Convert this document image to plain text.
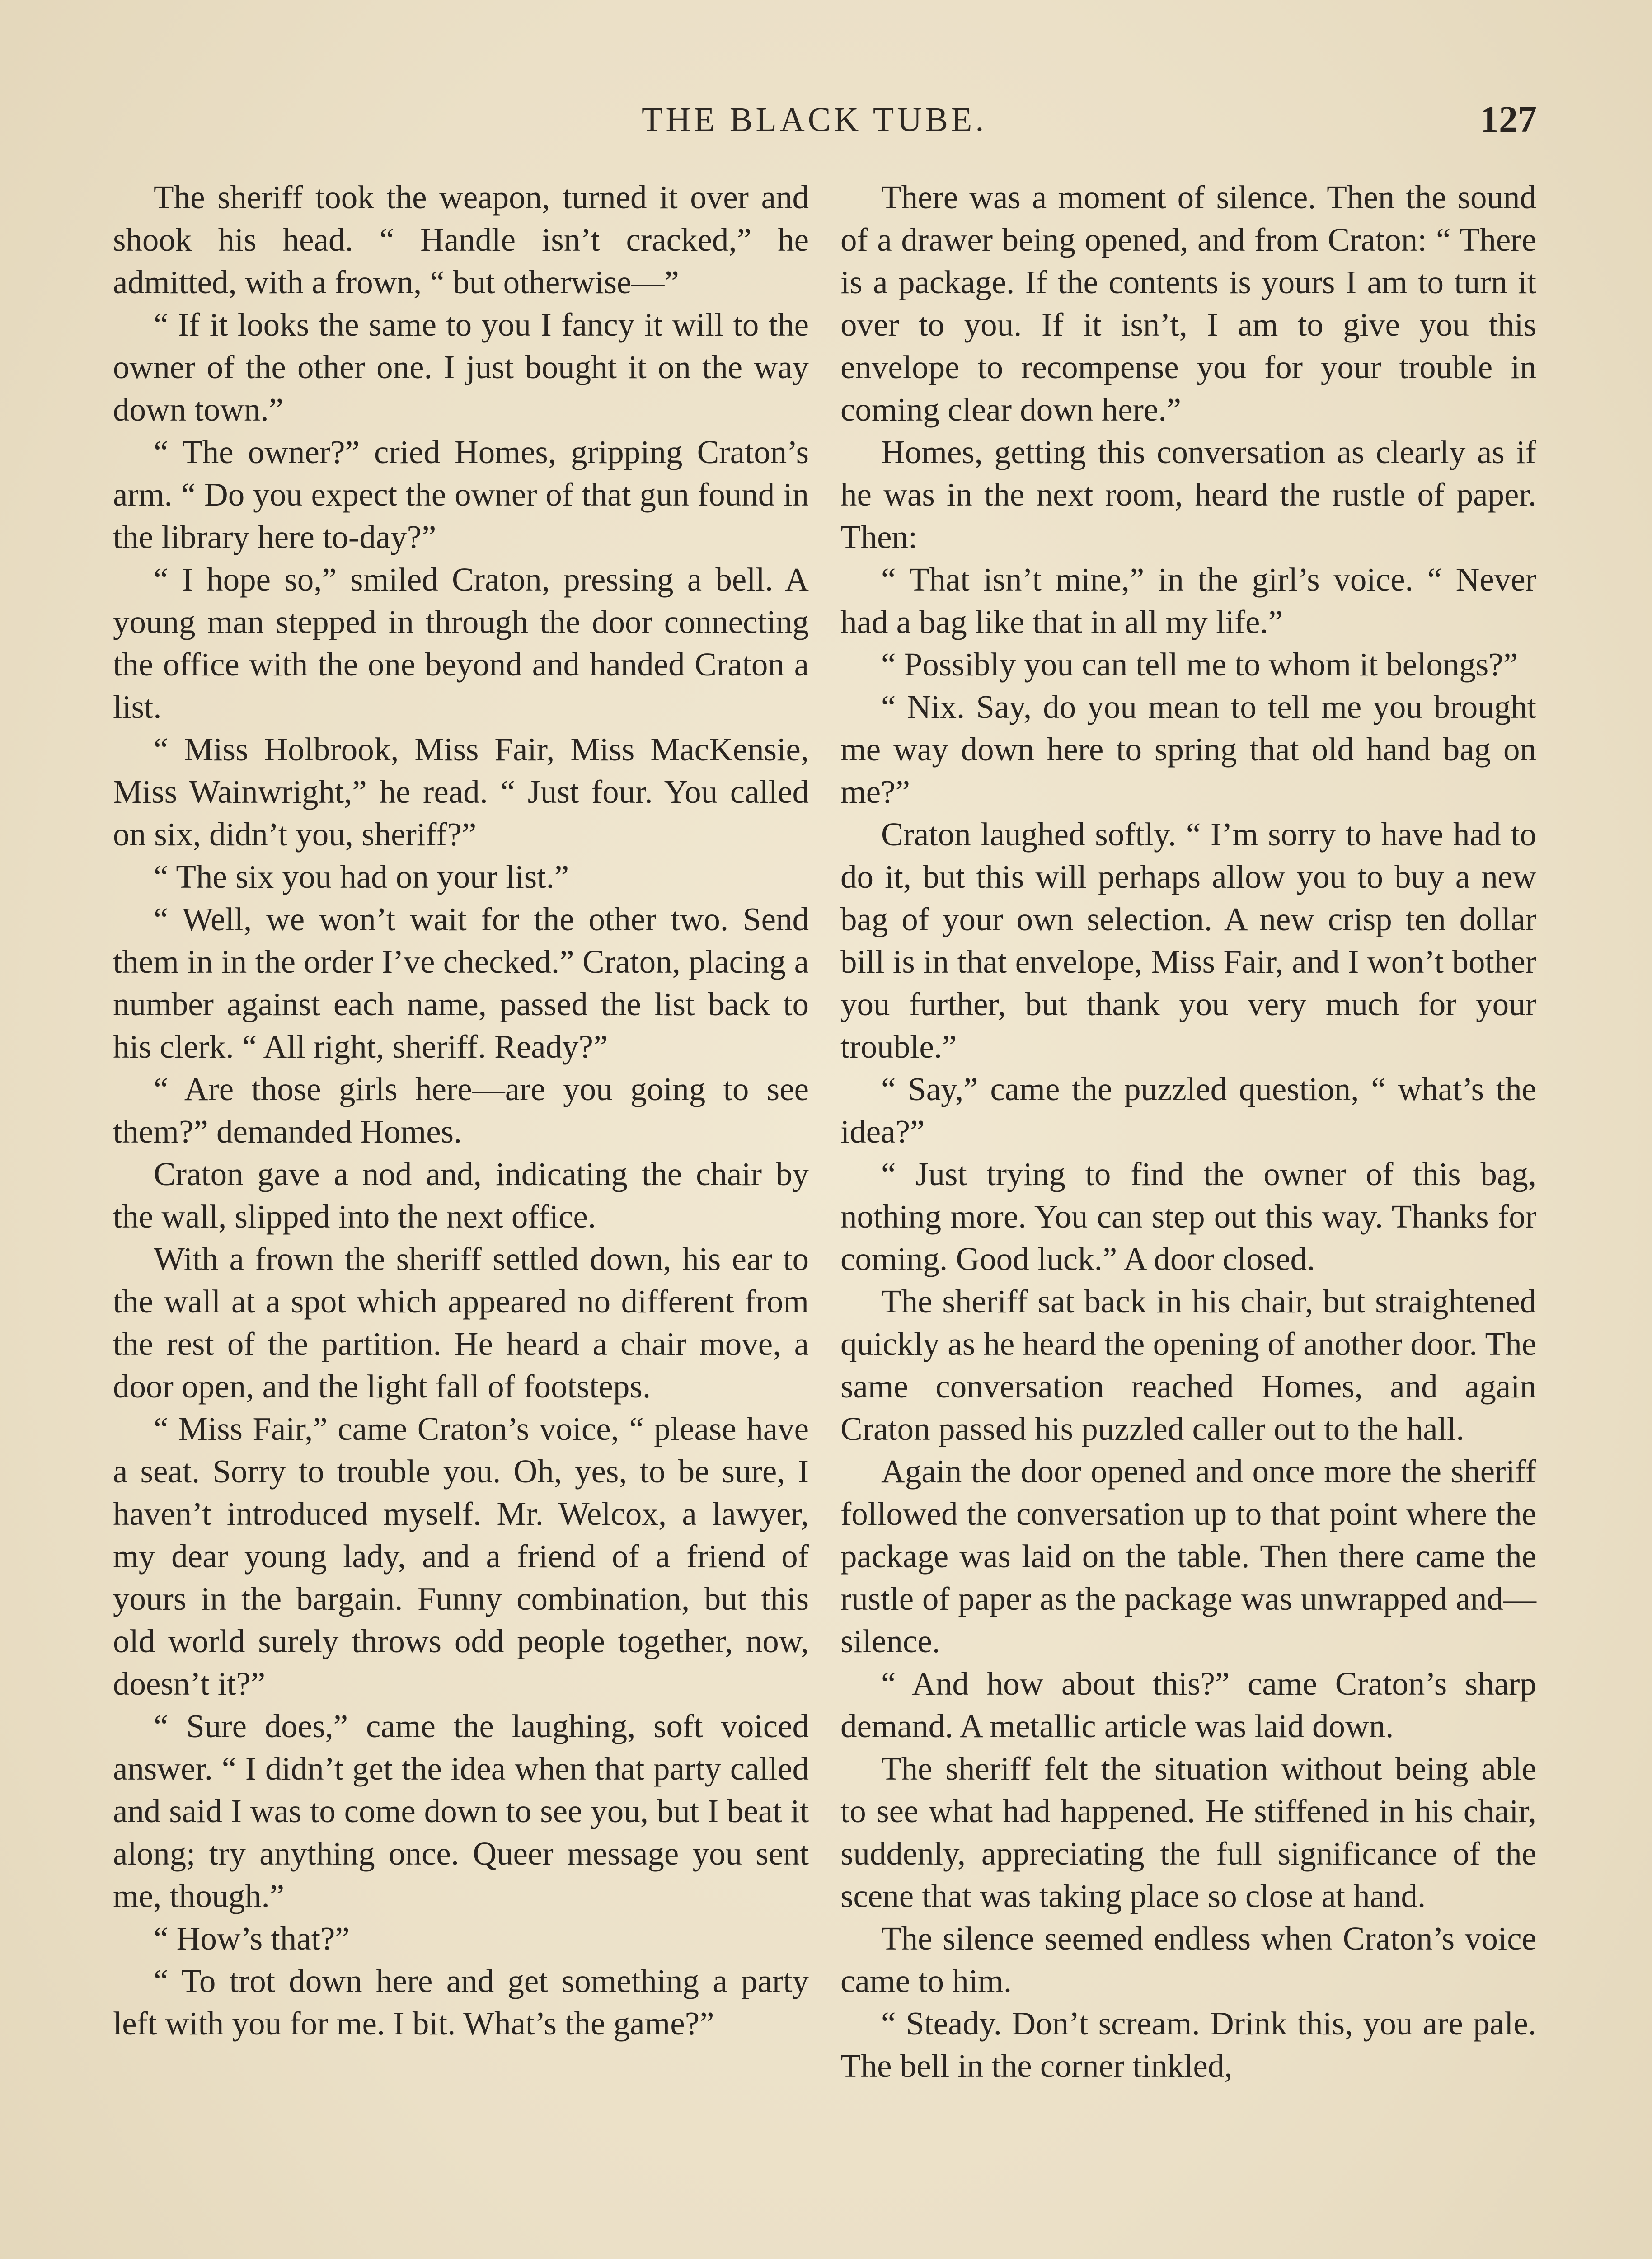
THE BLACK TUBE.	127

The sheriff took the weapon, turned it over and shook his head. “ Handle isn’t cracked,” he admitted, with a frown, “ but otherwise—”

“ If it looks the same to you I fancy it will to the owner of the other one. I just bought it on the way down town.”

“ The owner?” cried Homes, gripping Craton’s arm. “ Do you expect the owner of that gun found in the library here to-day?”

“ I hope so,” smiled Craton, pressing a bell. A young man stepped in through the door connecting the office with the one beyond and handed Craton a list.

“ Miss Holbrook, Miss Fair, Miss MacKensie, Miss Wainwright,” he read. “ Just four. You called on six, didn’t you, sheriff?”

“ The six you had on your list.”

“ Well, we won’t wait for the other two. Send them in in the order I’ve checked.” Craton, placing a number against each name, passed the list back to his clerk. “ All right, sheriff. Ready?”

“ Are those girls here—are you going to see them?” demanded Homes.

Craton gave a nod and, indicating the chair by the wall, slipped into the next office.

With a frown the sheriff settled down, his ear to the wall at a spot which appeared no different from the rest of the partition. He heard a chair move, a door open, and the light fall of footsteps.

“ Miss Fair,” came Craton’s voice, “ please have a seat. Sorry to trouble you. Oh, yes, to be sure, I haven’t introduced myself. Mr. Welcox, a lawyer, my dear young lady, and a friend of a friend of yours in the bargain. Funny combination, but this old world surely throws odd people together, now, doesn’t it?”

“ Sure does,” came the laughing, soft voiced answer. “ I didn’t get the idea when that party called and said I was to come down to see you, but I beat it along; try anything once. Queer message you sent me, though.”

“ How’s that?”

“ To trot down here and get something a party left with you for me. I bit. What’s the game?”

There was a moment of silence. Then the sound of a drawer being opened, and from Craton: “ There is a package. If the contents is yours I am to turn it over to you. If it isn’t, I am to give you this envelope to recompense you for your trouble in coming clear down here.”

Homes, getting this conversation as clearly as if he was in the next room, heard the rustle of paper. Then:

“ That isn’t mine,” in the girl’s voice. “ Never had a bag like that in all my life.”

“ Possibly you can tell me to whom it belongs?”

“ Nix. Say, do you mean to tell me you brought me way down here to spring that old hand bag on me?”

Craton laughed softly. “ I’m sorry to have had to do it, but this will perhaps allow you to buy a new bag of your own selection. A new crisp ten dollar bill is in that envelope, Miss Fair, and I won’t bother you further, but thank you very much for your trouble.”

“ Say,” came the puzzled question, “ what’s the idea?”

“ Just trying to find the owner of this bag, nothing more. You can step out this way. Thanks for coming. Good luck.” A door closed.

The sheriff sat back in his chair, but straightened quickly as he heard the opening of another door. The same conversation reached Homes, and again Craton passed his puzzled caller out to the hall.

Again the door opened and once more the sheriff followed the conversation up to that point where the package was laid on the table. Then there came the rustle of paper as the package was unwrapped and—silence.

“ And how about this?” came Craton’s sharp demand. A metallic article was laid down.

The sheriff felt the situation without being able to see what had happened. He stiffened in his chair, suddenly, appreciating the full significance of the scene that was taking place so close at hand.

The silence seemed endless when Craton’s voice came to him.

“ Steady. Don’t scream. Drink this, you are pale. The bell in the corner tinkled,
